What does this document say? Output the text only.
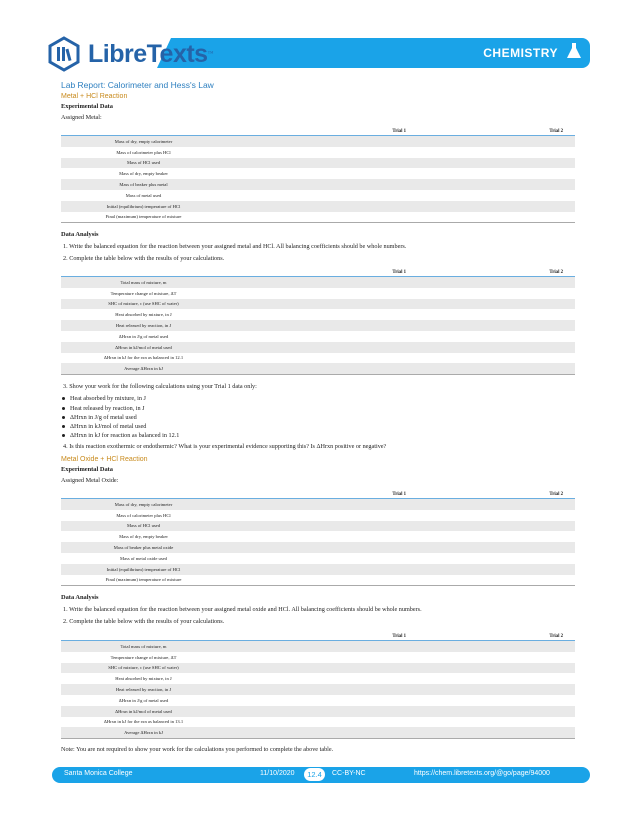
LibreTexts ™	CHEMISTRY
Lab Report: Calorimeter and Hess's Law
Metal + HCl Reaction
Experimental Data
Assigned Metal:
	Trial 1	Trial 2
Mass of dry, empty calorimeter		
Mass of calorimeter plus HCl		
Mass of HCl used		
Mass of dry, empty beaker		
Mass of beaker plus metal		
Mass of metal used		
Initial (equilibrium) temperature of HCl		
Final (maximum) temperature of mixture		
Data Analysis
1. Write the balanced equation for the reaction between your assigned metal and HCl. All balancing coefficients should be whole numbers.
2. Complete the table below with the results of your calculations.
	Trial 1	Trial 2
Total mass of mixture, m		
Temperature change of mixture, ΔT		
SHC of mixture, c (use SHC of water)		
Heat absorbed by mixture, in J		
Heat released by reaction, in J		
ΔHrxn in J/g of metal used		
ΔHrxn in kJ/mol of metal used		
ΔHrxn in kJ for the rxn as balanced in 12.1		
Average ΔHrxn in kJ		
3. Show your work for the following calculations using your Trial 1 data only:
Heat absorbed by mixture, in J
Heat released by reaction, in J
ΔHrxn in J/g of metal used
ΔHrxn in kJ/mol of metal used
ΔHrxn in kJ for reaction as balanced in 12.1
4. Is this reaction exothermic or endothermic? What is your experimental evidence supporting this? Is ΔHrxn positive or negative?
Metal Oxide + HCl Reaction
Experimental Data
Assigned Metal Oxide:
	Trial 1	Trial 2
Mass of dry, empty calorimeter		
Mass of calorimeter plus HCl		
Mass of HCl used		
Mass of dry, empty beaker		
Mass of beaker plus metal oxide		
Mass of metal oxide used		
Initial (equilibrium) temperature of HCl		
Final (maximum) temperature of mixture		
Data Analysis
1. Write the balanced equation for the reaction between your assigned metal oxide and HCl. All balancing coefficients should be whole numbers.
2. Complete the table below with the results of your calculations.
	Trial 1	Trial 2
Total mass of mixture, m		
Temperature change of mixture, ΔT		
SHC of mixture, c (use SHC of water)		
Heat absorbed by mixture, in J		
Heat released by reaction, in J		
ΔHrxn in J/g of metal used		
ΔHrxn in kJ/mol of metal used		
ΔHrxn in kJ for the rxn as balanced in 13.1		
Average ΔHrxn in kJ		
Note: You are not required to show your work for the calculations you performed to complete the above table.
Santa Monica College	11/10/2020	12.4	CC-BY-NC	https://chem.libretexts.org/@go/page/94000
